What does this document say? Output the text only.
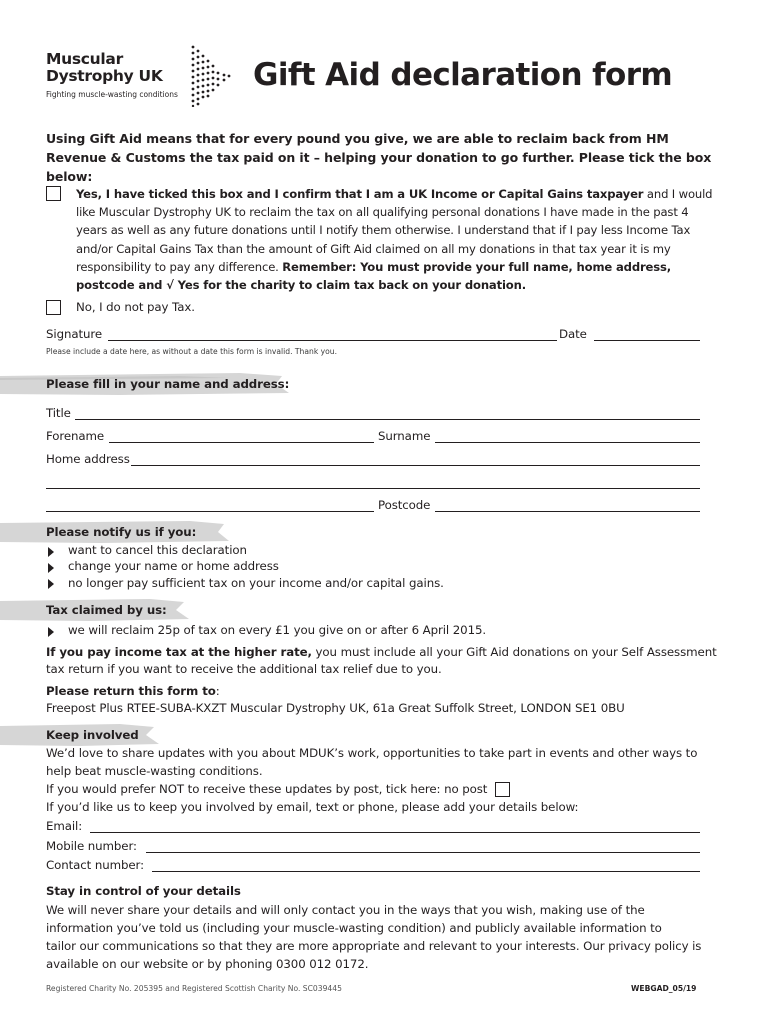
Muscular
Dystrophy UK
Fighting muscle-wasting conditions
Gift Aid declaration form
Using Gift Aid means that for every pound you give, we are able to reclaim back from HM Revenue & Customs the tax paid on it – helping your donation to go further. Please tick the box below:
Yes, I have ticked this box and I confirm that I am a UK Income or Capital Gains taxpayer and I would like Muscular Dystrophy UK to reclaim the tax on all qualifying personal donations I have made in the past 4 years as well as any future donations until I notify them otherwise. I understand that if I pay less Income Tax and/or Capital Gains Tax than the amount of Gift Aid claimed on all my donations in that tax year it is my responsibility to pay any difference. Remember: You must provide your full name, home address, postcode and √ Yes for the charity to claim tax back on your donation.
No, I do not pay Tax.
Signature	Date
Please include a date here, as without a date this form is invalid. Thank you.
Please fill in your name and address:
Title
Forename	Surname
Home address
Postcode
Please notify us if you:
want to cancel this declaration
change your name or home address
no longer pay sufficient tax on your income and/or capital gains.
Tax claimed by us:
we will reclaim 25p of tax on every £1 you give on or after 6 April 2015.
If you pay income tax at the higher rate, you must include all your Gift Aid donations on your Self Assessment
tax return if you want to receive the additional tax relief due to you.
Please return this form to:
Freepost Plus RTEE-SUBA-KXZT Muscular Dystrophy UK, 61a Great Suffolk Street, LONDON SE1 0BU
Keep involved
We’d love to share updates with you about MDUK’s work, opportunities to take part in events and other ways to
help beat muscle-wasting conditions.
If you would prefer NOT to receive these updates by post, tick here: no post
If you’d like us to keep you involved by email, text or phone, please add your details below:
Email:
Mobile number:
Contact number:
Stay in control of your details
We will never share your details and will only contact you in the ways that you wish, making use of the
information you’ve told us (including your muscle-wasting condition) and publicly available information to
tailor our communications so that they are more appropriate and relevant to your interests. Our privacy policy is
available on our website or by phoning 0300 012 0172.
Registered Charity No. 205395 and Registered Scottish Charity No. SC039445	WEBGAD_05/19
